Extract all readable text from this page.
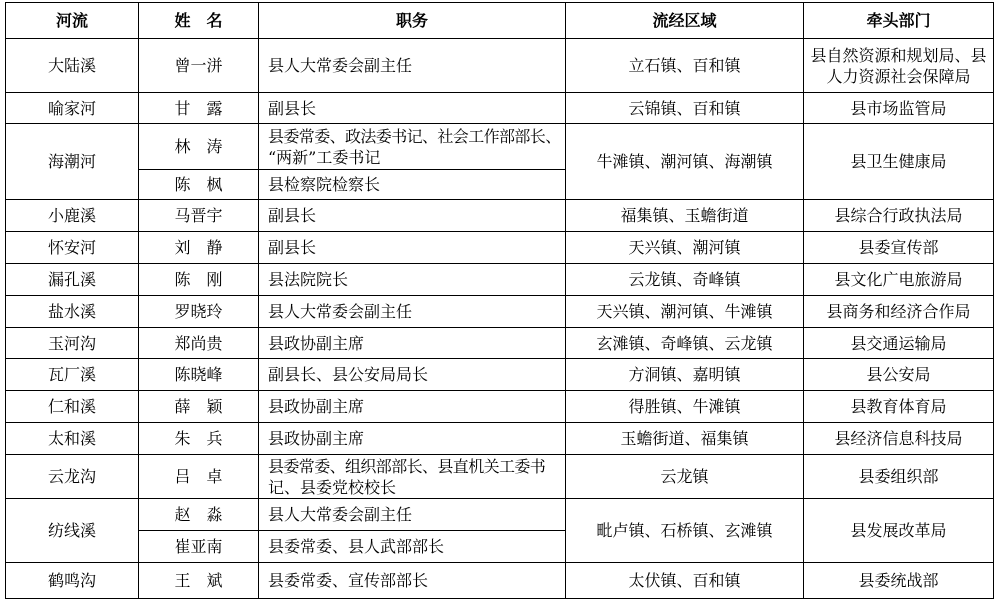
河流	姓　名	职务	流经区域	牵头部门
大陆溪	曾一洴	县人大常委会副主任	立石镇、百和镇	县自然资源和规划局、县
人力资源社会保障局

喻家河	甘　露	副县长	云锦镇、百和镇	县市场监管局

海潮河	林　涛	县委常委、政法委书记、社会工作部部长、
“两新”工委书记	牛滩镇、潮河镇、海潮镇	县卫生健康局

	陈　枫	县检察院检察长		

小鹿溪	马晋宇	副县长	福集镇、玉蟾街道	县综合行政执法局

怀安河	刘　静	副县长	天兴镇、潮河镇	县委宣传部

漏孔溪	陈　刚	县法院院长	云龙镇、奇峰镇	县文化广电旅游局

盐水溪	罗晓玲	县人大常委会副主任	天兴镇、潮河镇、牛滩镇	县商务和经济合作局

玉河沟	郑尚贵	县政协副主席	玄滩镇、奇峰镇、云龙镇	县交通运输局

瓦厂溪	陈晓峰	副县长、县公安局局长	方洞镇、嘉明镇	县公安局

仁和溪	薛　颖	县政协副主席	得胜镇、牛滩镇	县教育体育局

太和溪	朱　兵	县政协副主席	玉蟾街道、福集镇	县经济信息科技局

云龙沟	吕　卓	县委常委、组织部部长、县直机关工委书
记、县委党校校长	云龙镇	县委组织部

纺线溪	赵　淼	县人大常委会副主任	毗卢镇、石桥镇、玄滩镇	县发展改革局

	崔亚南	县委常委、县人武部部长		

鹤鸣沟	王　斌	县委常委、宣传部部长	太伏镇、百和镇	县委统战部
